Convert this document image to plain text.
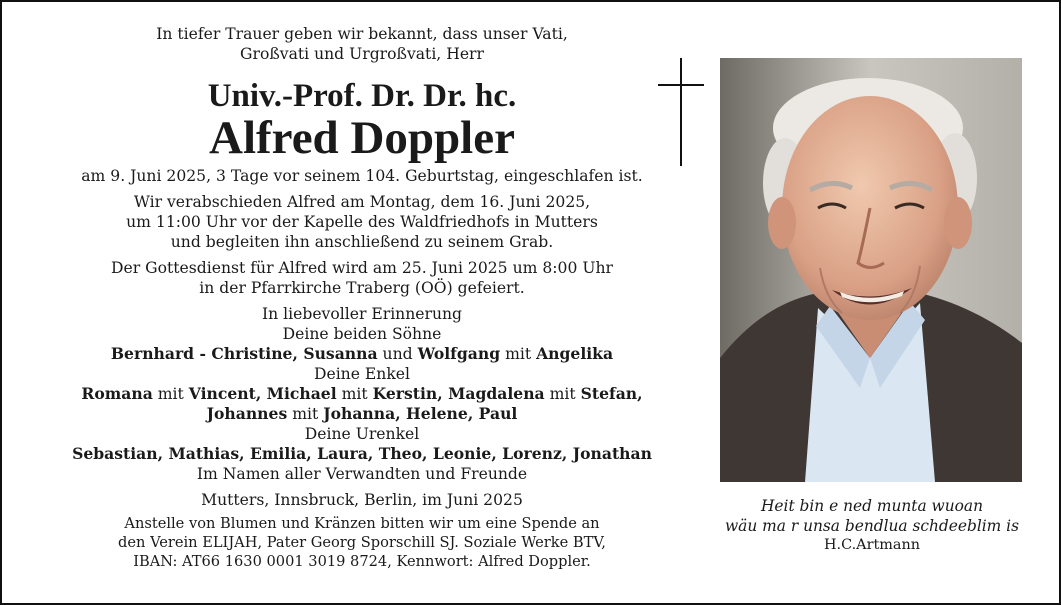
In tiefer Trauer geben wir bekannt, dass unser Vati,
Großvati und Urgroßvati, Herr
Univ.-Prof. Dr. Dr. hc.
Alfred Doppler
am 9. Juni 2025, 3 Tage vor seinem 104. Geburtstag, eingeschlafen ist.
Wir verabschieden Alfred am Montag, dem 16. Juni 2025,
um 11:00 Uhr vor der Kapelle des Waldfriedhofs in Mutters
und begleiten ihn anschließend zu seinem Grab.
Der Gottesdienst für Alfred wird am 25. Juni 2025 um 8:00 Uhr
in der Pfarrkirche Traberg (OÖ) gefeiert.
In liebevoller Erinnerung
Deine beiden Söhne
Bernhard - Christine, Susanna und Wolfgang mit Angelika
Deine Enkel
Romana mit Vincent, Michael mit Kerstin, Magdalena mit Stefan,
Johannes mit Johanna, Helene, Paul
Deine Urenkel
Sebastian, Mathias, Emilia, Laura, Theo, Leonie, Lorenz, Jonathan
Im Namen aller Verwandten und Freunde
Mutters, Innsbruck, Berlin, im Juni 2025
Anstelle von Blumen und Kränzen bitten wir um eine Spende an
den Verein ELIJAH, Pater Georg Sporschill SJ. Soziale Werke BTV,
IBAN: AT66 1630 0001 3019 8724, Kennwort: Alfred Doppler.
Heit bin e ned munta wuoan
wäu ma r unsa bendlua schdeeblim is
H.C.Artmann
